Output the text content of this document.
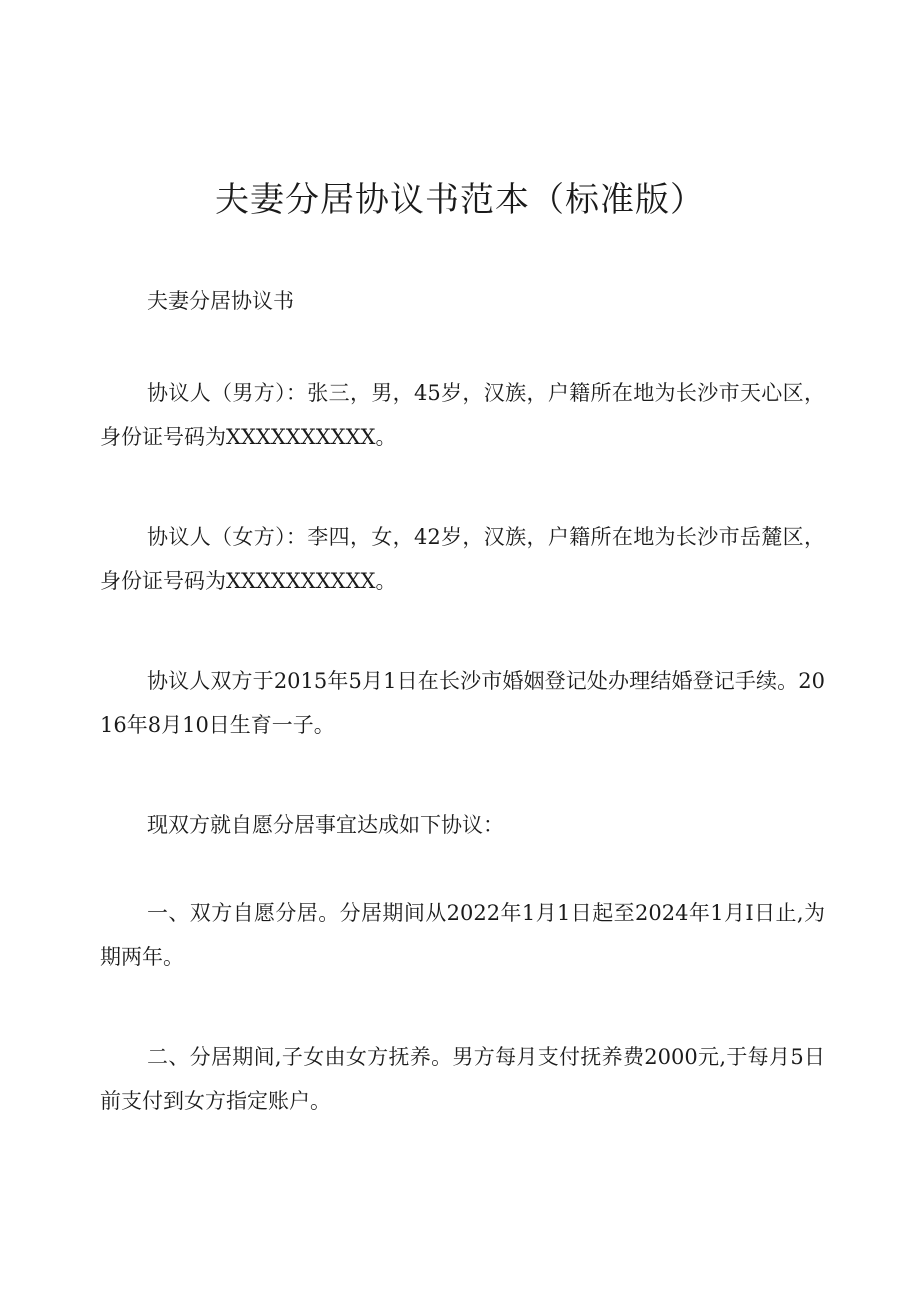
夫妻分居协议书范本（标准版）

夫妻分居协议书

协议人（男方）：张三，男，45岁，汉族，户籍所在地为长沙市天心区，身份证号码为XXXXXXXXXX。

协议人（女方）：李四，女，42岁，汉族，户籍所在地为长沙市岳麓区，身份证号码为XXXXXXXXXX。

协议人双方于2015年5月1日在长沙市婚姻登记处办理结婚登记手续。2016年8月10日生育一子。

现双方就自愿分居事宜达成如下协议：

一、双方自愿分居。分居期间从2022年1月1日起至2024年1月I日止,为期两年。

二、分居期间,子女由女方抚养。男方每月支付抚养费2000元,于每月5日前支付到女方指定账户。
